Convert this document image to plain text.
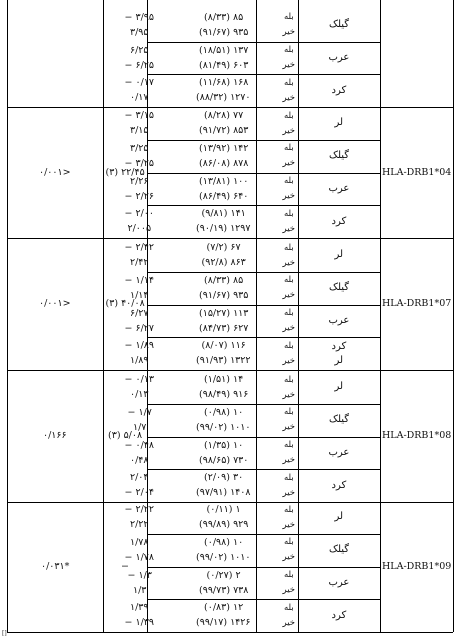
گیلک
بله
۸۵ (۸/۳۳)
۳/۹۵ −
خیر
۹۳۵ (۹۱/۶۷)
۳/۹۵
عرب
بله
۱۳۷ (۱۸/۵۱)
۶/۲۵
خیر
۶۰۳ (۸۱/۴۹)
۶/۲۵ −
کرد
بله
۱۶۸ (۱۱/۶۸)
۰/۱۷ −
خیر
۱۲۷۰ (۸۸/۳۲)
۰/۱۷
HLA-DRB1*04
۲۲/۴۵ (۳)
<۰/۰۰۱
لر
بله
۷۷ (۸/۲۸)
۳/۱۵ −
خیر
۸۵۳ (۹۱/۷۲)
۳/۱۵
گیلک
بله
۱۴۲ (۱۳/۹۲)
۳/۲۵
خیر
۸۷۸ (۸۶/۰۸)
۳/۲۵ −
عرب
بله
۱۰۰ (۱۳/۸۱)
۲/۲۶
خیر
۶۴۰ (۸۶/۴۹)
۲/۲۶ −
کرد
بله
۱۴۱ (۹/۸۱)
۲/۰۰ −
خیر
۱۲۹۷ (۹۰/۱۹)
۲/۰۰۵
HLA-DRB1*07
۴۰/۰۸ (۳)
<۰/۰۰۱
لر
بله
۶۷ (۷/۲)
۲/۴۲ −
خیر
۸۶۳ (۹۲/۸)
۲/۴۲
گیلک
بله
۸۵ (۸/۳۳)
۱/۱۴ −
خیر
۹۳۵ (۹۱/۶۷)
۱/۱۴
عرب
بله
۱۱۳ (۱۵/۲۷)
۶/۲۷
خیر
۶۲۷ (۸۴/۷۳)
۶/۲۷ −
کرد
لر
بله
۱۱۶ (۸/۰۷)
۱/۸۹ −
خیر
۱۳۲۲ (۹۱/۹۳)
۱/۸۹
HLA-DRB1*08
۵/۰۸ (۳)
۰/۱۶۶
لر
بله
۱۴ (۱/۵۱)
۰/۱۳ −
خیر
۹۱۶ (۹۸/۴۹)
۰/۱۳
گیلک
بله
۱۰ (۰/۹۸)
۱/۷ −
خیر
۱۰۱۰ (۹۹/۰۲)
۱/۷
عرب
بله
۱۰ (۱/۳۵)
۰/۴۸ −
خیر
۷۳۰ (۹۸/۶۵)
۰/۴۸
کرد
بله
۳۰ (۲/۰۹)
۲/۰۴
خیر
۱۴۰۸ (۹۷/۹۱)
۲/۰۴ −
HLA-DRB1*09
−
*۰/۰۳۱
لر
بله
۱ (۰/۱۱)
۲/۲۲ −
خیر
۹۲۹ (۹۹/۸۹)
۲/۲۲
گیلک
بله
۱۰ (۰/۹۸)
۱/۷۸
خیر
۱۰۱۰ (۹۹/۰۲)
۱/۷۸ −
عرب
بله
۲ (۰/۲۷)
۱/۳ −
خیر
۷۳۸ (۹۹/۷۳)
۱/۳
کرد
بله
۱۲ (۰/۸۳)
۱/۳۹
خیر
۱۴۲۶ (۹۹/۱۷)
۱/۳۹ −
[]
